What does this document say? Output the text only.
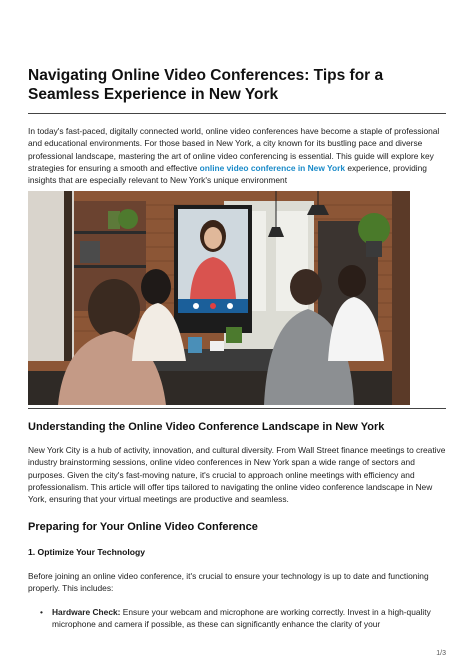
Navigating Online Video Conferences: Tips for a Seamless Experience in New York

In today's fast-paced, digitally connected world, online video conferences have become a staple of professional and educational environments. For those based in New York, a city known for its bustling pace and diverse professional landscape, mastering the art of online video conferencing is essential. This guide will explore key strategies for ensuring a smooth and effective online video conference in New York experience, providing insights that are especially relevant to New York's unique environment

Understanding the Online Video Conference Landscape in New York

New York City is a hub of activity, innovation, and cultural diversity. From Wall Street finance meetings to creative industry brainstorming sessions, online video conferences in New York span a wide range of sectors and purposes. Given the city's fast-moving nature, it's crucial to approach online meetings with efficiency and professionalism. This article will offer tips tailored to navigating the online video conference landscape in New York, ensuring that your virtual meetings are productive and seamless.

Preparing for Your Online Video Conference
1. Optimize Your Technology

Before joining an online video conference, it's crucial to ensure your technology is up to date and functioning properly. This includes:

• Hardware Check: Ensure your webcam and microphone are working correctly. Invest in a high-quality microphone and camera if possible, as these can significantly enhance the clarity of your
1/3
